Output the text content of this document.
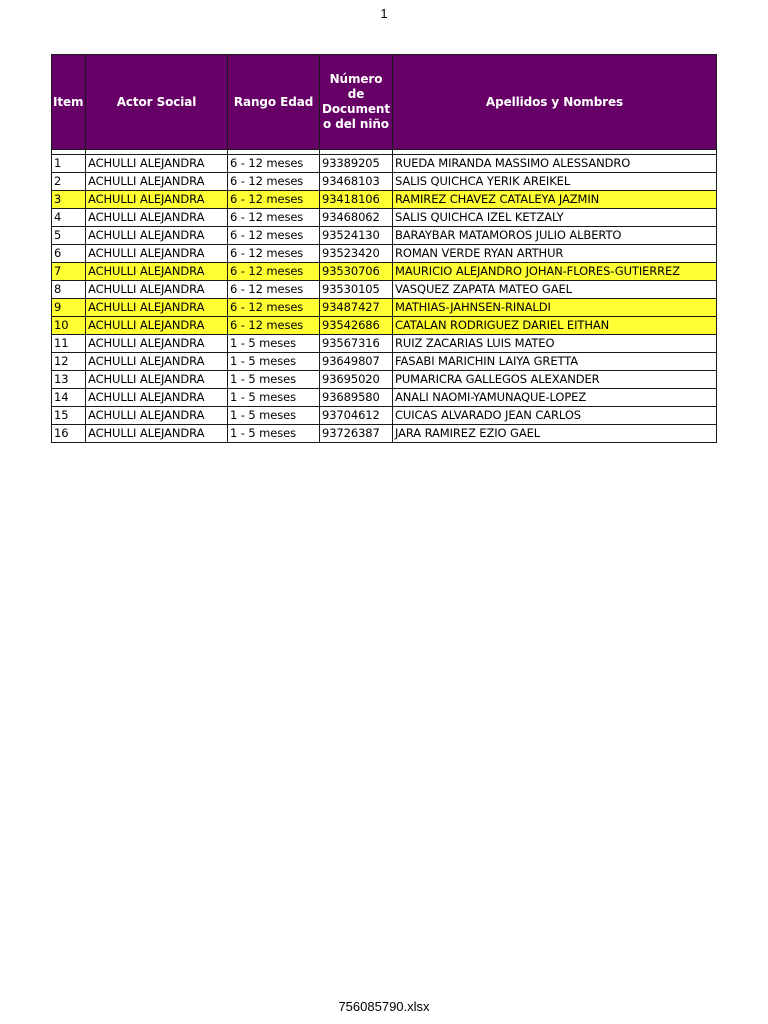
1
Item	Actor Social	Rango Edad	Número de Document o del niño	Apellidos y Nombres

1	ACHULLI ALEJANDRA	6 - 12 meses	93389205	RUEDA MIRANDA MASSIMO ALESSANDRO
2	ACHULLI ALEJANDRA	6 - 12 meses	93468103	SALIS QUICHCA YERIK AREIKEL
3	ACHULLI ALEJANDRA	6 - 12 meses	93418106	RAMIREZ CHAVEZ CATALEYA JAZMIN
4	ACHULLI ALEJANDRA	6 - 12 meses	93468062	SALIS QUICHCA IZEL KETZALY
5	ACHULLI ALEJANDRA	6 - 12 meses	93524130	BARAYBAR MATAMOROS JULIO ALBERTO
6	ACHULLI ALEJANDRA	6 - 12 meses	93523420	ROMAN VERDE RYAN ARTHUR
7	ACHULLI ALEJANDRA	6 - 12 meses	93530706	MAURICIO ALEJANDRO JOHAN-FLORES-GUTIERREZ
8	ACHULLI ALEJANDRA	6 - 12 meses	93530105	VASQUEZ ZAPATA MATEO GAEL
9	ACHULLI ALEJANDRA	6 - 12 meses	93487427	MATHIAS-JAHNSEN-RINALDI
10	ACHULLI ALEJANDRA	6 - 12 meses	93542686	CATALAN RODRIGUEZ DARIEL EITHAN
11	ACHULLI ALEJANDRA	1 - 5 meses	93567316	RUIZ ZACARIAS LUIS MATEO
12	ACHULLI ALEJANDRA	1 - 5 meses	93649807	FASABI MARICHIN LAIYA GRETTA
13	ACHULLI ALEJANDRA	1 - 5 meses	93695020	PUMARICRA GALLEGOS ALEXANDER
14	ACHULLI ALEJANDRA	1 - 5 meses	93689580	ANALI NAOMI-YAMUNAQUE-LOPEZ
15	ACHULLI ALEJANDRA	1 - 5 meses	93704612	CUICAS ALVARADO JEAN CARLOS
16	ACHULLI ALEJANDRA	1 - 5 meses	93726387	JARA RAMIREZ EZIO GAEL
756085790.xlsx
